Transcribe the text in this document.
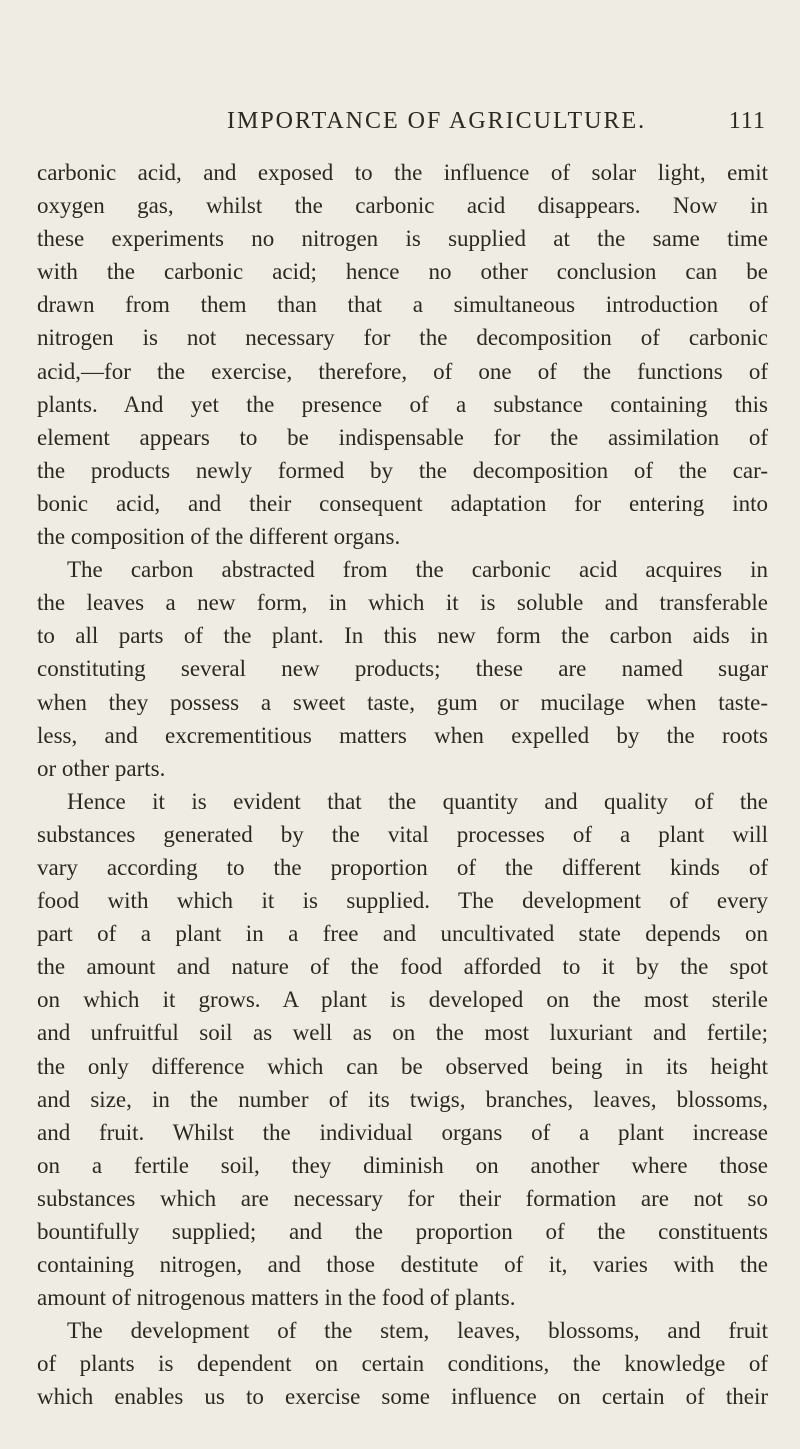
IMPORTANCE OF AGRICULTURE.	111
carbonic acid, and exposed to the influence of solar light, emit
oxygen gas, whilst the carbonic acid disappears. Now in
these experiments no nitrogen is supplied at the same time
with the carbonic acid; hence no other conclusion can be
drawn from them than that a simultaneous introduction of
nitrogen is not necessary for the decomposition of carbonic
acid,—for the exercise, therefore, of one of the functions of
plants. And yet the presence of a substance containing this
element appears to be indispensable for the assimilation of
the products newly formed by the decomposition of the car-
bonic acid, and their consequent adaptation for entering into
the composition of the different organs.
The carbon abstracted from the carbonic acid acquires in
the leaves a new form, in which it is soluble and transferable
to all parts of the plant. In this new form the carbon aids in
constituting several new products; these are named sugar
when they possess a sweet taste, gum or mucilage when taste-
less, and excrementitious matters when expelled by the roots
or other parts.
Hence it is evident that the quantity and quality of the
substances generated by the vital processes of a plant will
vary according to the proportion of the different kinds of
food with which it is supplied. The development of every
part of a plant in a free and uncultivated state depends on
the amount and nature of the food afforded to it by the spot
on which it grows. A plant is developed on the most sterile
and unfruitful soil as well as on the most luxuriant and fertile;
the only difference which can be observed being in its height
and size, in the number of its twigs, branches, leaves, blossoms,
and fruit. Whilst the individual organs of a plant increase
on a fertile soil, they diminish on another where those
substances which are necessary for their formation are not so
bountifully supplied; and the proportion of the constituents
containing nitrogen, and those destitute of it, varies with the
amount of nitrogenous matters in the food of plants.
The development of the stem, leaves, blossoms, and fruit
of plants is dependent on certain conditions, the knowledge of
which enables us to exercise some influence on certain of their
